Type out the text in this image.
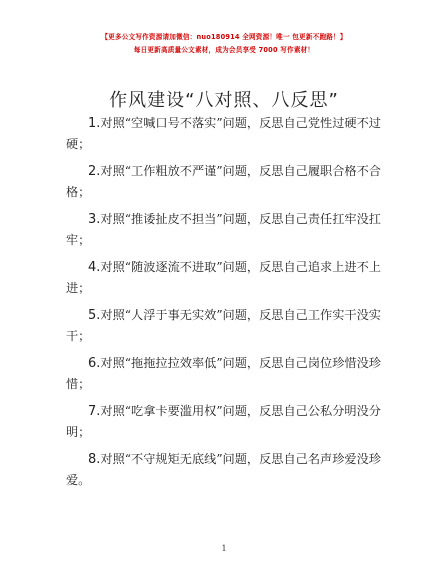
【更多公文写作资源请加微信：nuo180914 全网资源！唯一 包更新不跑路！】
每日更新高质量公文素材，成为会员享受 7000 写作素材！
作风建设“八对照、八反思”
1.对照“空喊口号不落实”问题，反思自己党性过硬不过
硬；
2.对照“工作粗放不严谨”问题，反思自己履职合格不合
格；
3.对照“推诿扯皮不担当”问题，反思自己责任扛牢没扛
牢；
4.对照“随波逐流不进取”问题，反思自己追求上进不上
进；
5.对照“人浮于事无实效”问题，反思自己工作实干没实
干；
6.对照“拖拖拉拉效率低”问题，反思自己岗位珍惜没珍
惜；
7.对照“吃拿卡要滥用权”问题，反思自己公私分明没分
明；
8.对照“不守规矩无底线”问题，反思自己名声珍爱没珍
爱。
1
